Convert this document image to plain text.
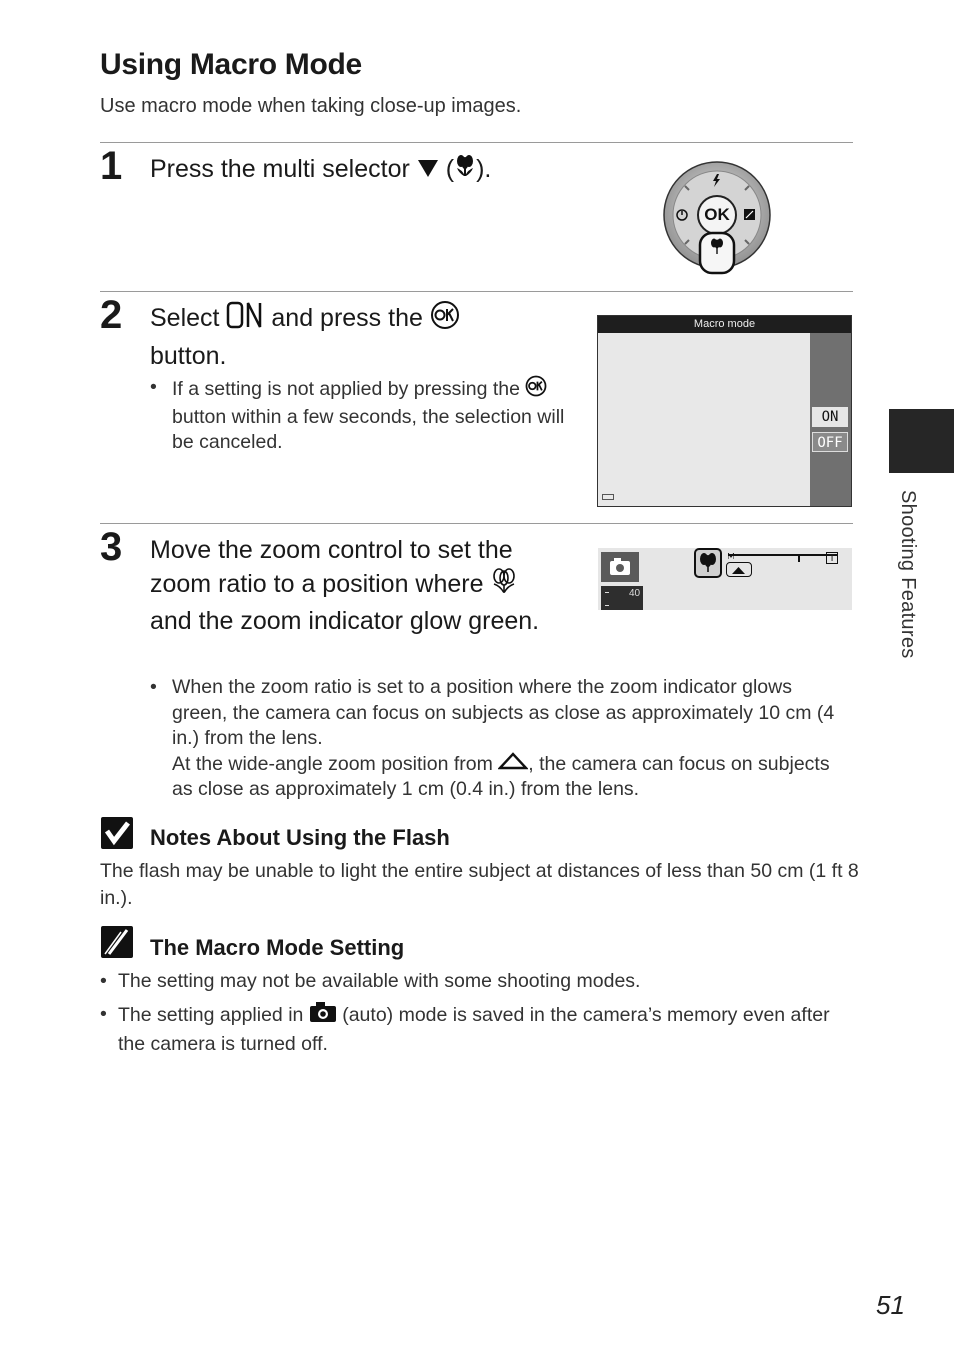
Using Macro Mode
Use macro mode when taking close-up images.
1 Press the multi selector ( ).
OK
2 Select and press the
button.
• If a setting is not applied by pressing the  button within a few seconds, the selection will be canceled.
Macro mode
ON
OFF
3 Move the zoom control to set the zoom ratio to a position where  and the zoom indicator glow green.
40
T
• When the zoom ratio is set to a position where the zoom indicator glows green, the camera can focus on subjects as close as approximately 10 cm (4 in.) from the lens.
At the wide-angle zoom position from , the camera can focus on subjects as close as approximately 1 cm (0.4 in.) from the lens.
Notes About Using the Flash
The flash may be unable to light the entire subject at distances of less than 50 cm (1 ft 8 in.).
The Macro Mode Setting
• The setting may not be available with some shooting modes.
• The setting applied in (auto) mode is saved in the camera’s memory even after the camera is turned off.
Shooting Features
51
